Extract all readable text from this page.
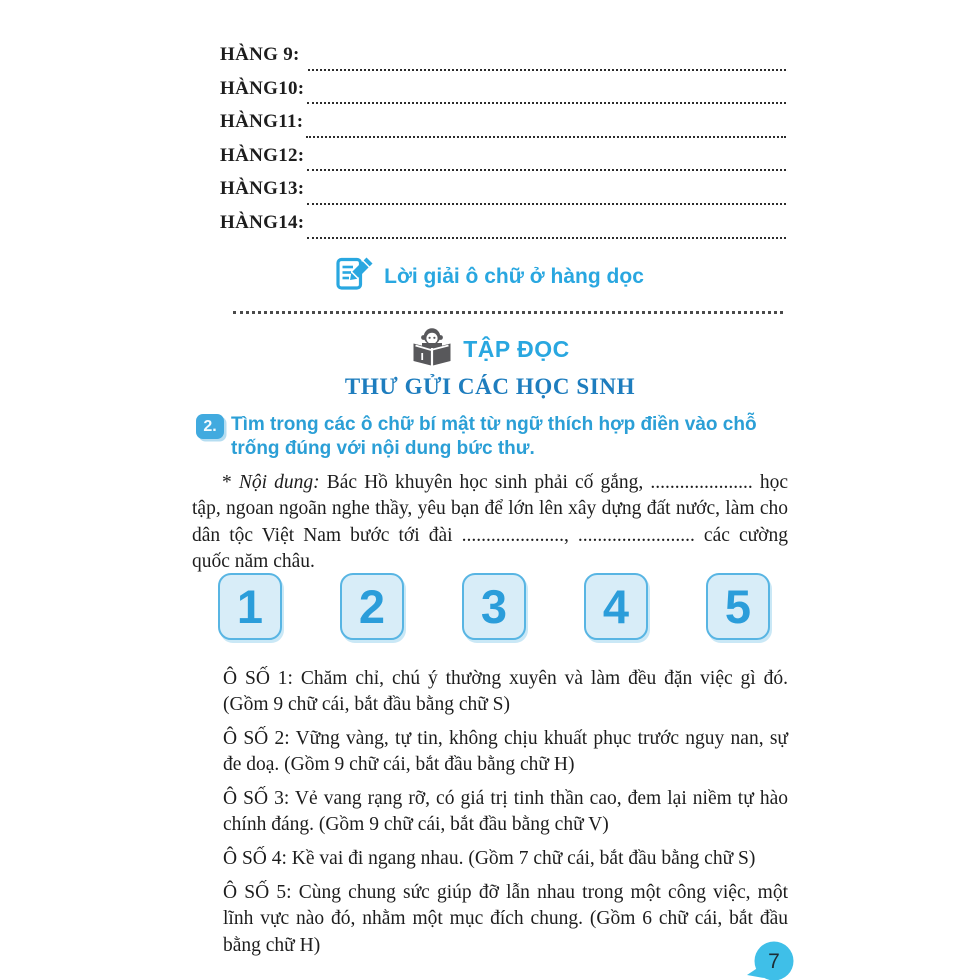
HÀNG 9:
HÀNG10:
HÀNG11:
HÀNG12:
HÀNG13:
HÀNG14:
Lời giải ô chữ ở hàng dọc
TẬP ĐỌC
THƯ GỬI CÁC HỌC SINH
2. Tìm trong các ô chữ bí mật từ ngữ thích hợp điền vào chỗ trống đúng với nội dung bức thư.

* Nội dung: Bác Hồ khuyên học sinh phải cố gắng, ..................... học tập, ngoan ngoãn nghe thầy, yêu bạn để lớn lên xây dựng đất nước, làm cho dân tộc Việt Nam bước tới đài ....................., ........................ các cường quốc năm châu.

1	2	3	4	5

Ô SỐ 1: Chăm chỉ, chú ý thường xuyên và làm đều đặn việc gì đó. (Gồm 9 chữ cái, bắt đầu bằng chữ S)

Ô SỐ 2: Vững vàng, tự tin, không chịu khuất phục trước nguy nan, sự đe doạ. (Gồm 9 chữ cái, bắt đầu bằng chữ H)

Ô SỐ 3: Vẻ vang rạng rỡ, có giá trị tinh thần cao, đem lại niềm tự hào chính đáng. (Gồm 9 chữ cái, bắt đầu bằng chữ V)

Ô SỐ 4: Kề vai đi ngang nhau. (Gồm 7 chữ cái, bắt đầu bằng chữ S)

Ô SỐ 5: Cùng chung sức giúp đỡ lẫn nhau trong một công việc, một lĩnh vực nào đó, nhằm một mục đích chung. (Gồm 6 chữ cái, bắt đầu bằng chữ H)

7
